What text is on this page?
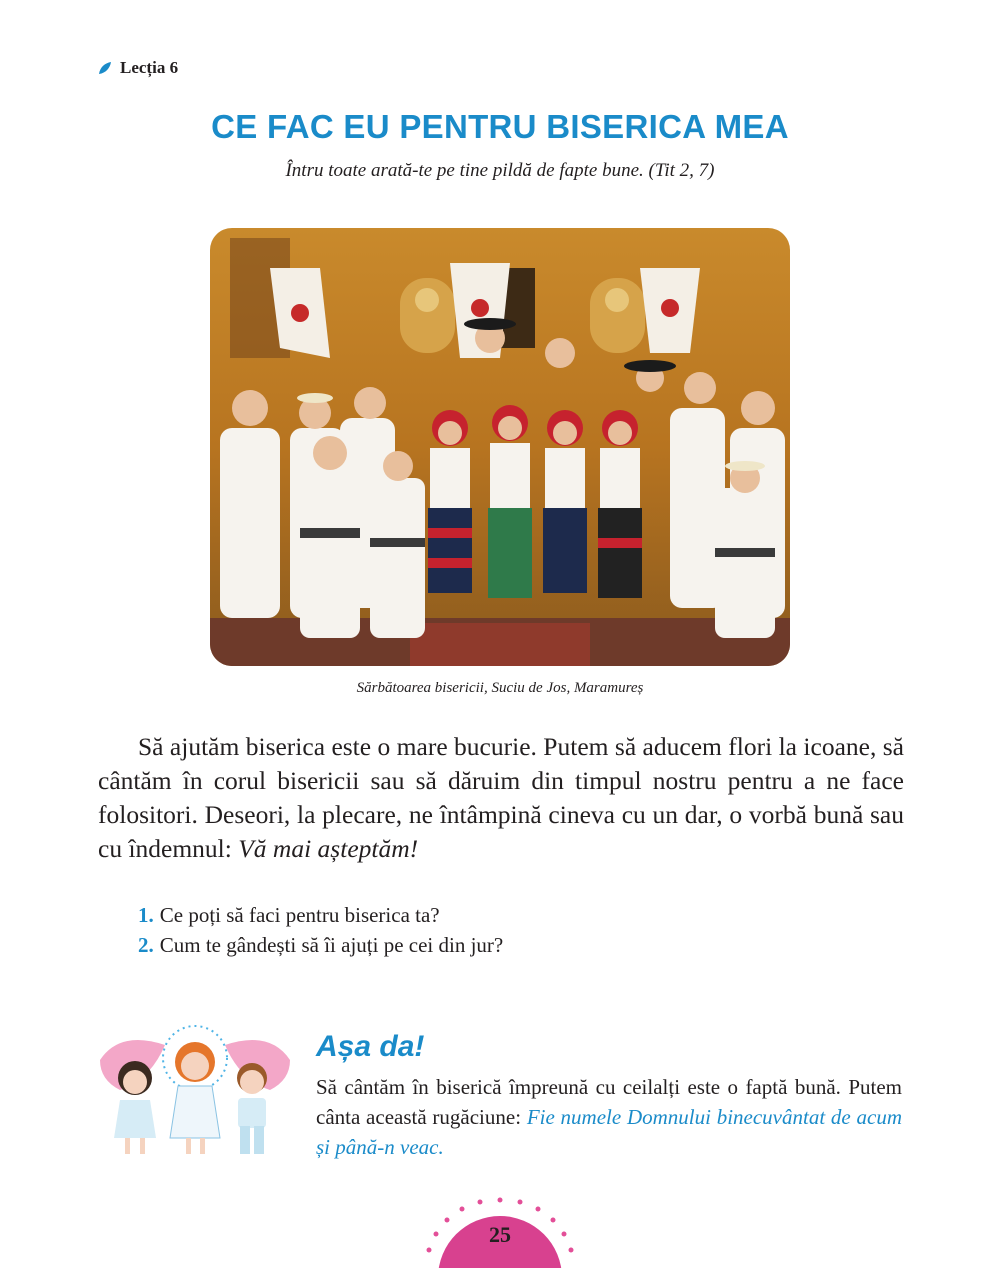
Lecția 6
CE FAC EU PENTRU BISERICA MEA
Întru toate arată-te pe tine pildă de fapte bune. (Tit 2, 7)
Sărbătoarea bisericii, Suciu de Jos, Maramureș
Să ajutăm biserica este o mare bucurie. Putem să aducem flori la icoane, să cântăm în corul bisericii sau să dăruim din timpul nostru pentru a ne face folositori. Deseori, la plecare, ne întâmpină cineva cu un dar, o vorbă bună sau cu îndemnul: Vă mai așteptăm!
1. Ce poți să faci pentru biserica ta?
2. Cum te gândești să îi ajuți pe cei din jur?
Așa da!
Să cântăm în biserică împreună cu ceilalți este o faptă bună. Putem cânta această rugăciune: Fie numele Domnului binecuvântat de acum și până-n veac.
25
